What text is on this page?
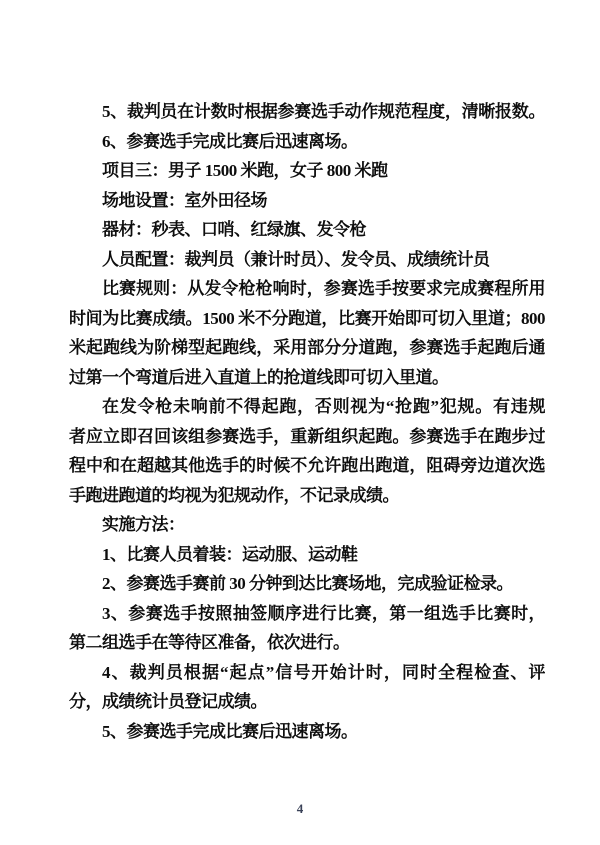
5、裁判员在计数时根据参赛选手动作规范程度，清晰报数。
6、参赛选手完成比赛后迅速离场。
项目三：男子 1500 米跑，女子 800 米跑
场地设置：室外田径场
器材：秒表、口哨、红绿旗、发令枪
人员配置：裁判员（兼计时员）、发令员、成绩统计员
比赛规则：从发令枪枪响时，参赛选手按要求完成赛程所用
时间为比赛成绩。1500 米不分跑道，比赛开始即可切入里道；800
米起跑线为阶梯型起跑线，采用部分分道跑，参赛选手起跑后通
过第一个弯道后进入直道上的抢道线即可切入里道。
在发令枪未响前不得起跑，否则视为“抢跑”犯规。有违规
者应立即召回该组参赛选手，重新组织起跑。参赛选手在跑步过
程中和在超越其他选手的时候不允许跑出跑道，阻碍旁边道次选
手跑进跑道的均视为犯规动作，不记录成绩。
实施方法：
1、比赛人员着装：运动服、运动鞋
2、参赛选手赛前 30 分钟到达比赛场地，完成验证检录。
3、参赛选手按照抽签顺序进行比赛，第一组选手比赛时，
第二组选手在等待区准备，依次进行。
4、裁判员根据“起点”信号开始计时，同时全程检查、评
分，成绩统计员登记成绩。
5、参赛选手完成比赛后迅速离场。
4
